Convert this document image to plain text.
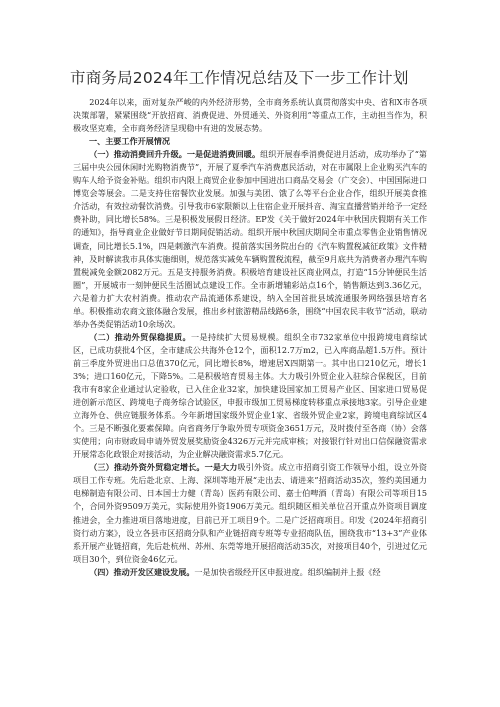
市商务局2024年工作情况总结及下一步工作计划

2024年以来，面对复杂严峻的内外经济形势，全市商务系统认真贯彻落实中央、省和X市各项决策部署，紧紧围绕“开放招商、消费促进、外贸通关、外资利用”等重点工作，主动担当作为，积极攻坚克难，全市商务经济呈现稳中有进的发展态势。

一、主要工作开展情况

（一）推动消费回升升级。一是促进消费回暖。组织开展春季消费促进月活动，成功举办了“第三届中央公园休闲时光购物消费节”，开展了夏季汽车消费惠民活动，对在市属限上企业购买汽车的购车人给予资金补贴。组织市内限上商贸企业参加中国进出口商品交易会（广交会）、中国国际进口博览会等展会。二是支持住宿餐饮业发展。加强与美团、饿了么等平台企业合作，组织开展美食推介活动，有效拉动餐饮消费。引导我市6家限额以上住宿企业开展抖音、淘宝直播营销并给予一定经费补助，同比增长58%。三是积极发展假日经济。EP发《关于做好2024年中秋国庆假期有关工作的通知》，指导商业企业做好节日期间促销活动。组织开展中秋国庆期间全市重点零售企业销售情况调查，同比增长5.1%，四是刺激汽车消费。提前落实国务院出台的《汽车购置税减征政策》文件精神，及时解读我市具体实施细则，规范落实减免车辆购置税流程，截至9月底共为消费者办理汽车购置税减免金额2082万元。五是支持服务消费。积极培育建设社区商业网点，打造“15分钟便民生活圈”，开展城市一刻钟便民生活圈试点建设工作。全市新增辅彩站点16个，销售额达到3.36亿元，六是着力扩大农村消费。推动农产品流通体系建设，纳入全国首批县域流通服务网络强县培育名单。积极推动农商文旅体融合发展，推出乡村旅游精品线路6条，围绕“中国农民丰收节”活动，联动举办各类促销活动10余场次。

（二）推动外贸保稳提质。一是持续扩大贸易规模。组织全市732家单位中报跨境电商综试区，已成功获批4个区，全市建成公共海外仓12个，面积12.7万m2，已入库商品超1.5万件。预计前三季度外贸进出口总值370亿元，同比增长8%，增速居X四期第一。其中出口210亿元，增长13%；进口160亿元，下降5%。二是积极培育贸易主体。大力吸引外贸企业入驻综合保税区，目前我市有8家企业通过认定验收，已入住企业32家，加快建设国家加工贸易产业区、国家进口贸易促进创新示范区、跨境电子商务综合试验区，申报市级加工贸易梯度转移重点承接地3家。引导企业建立海外仓、供应链服务体系。今年新增国家级外贸企业1家、省级外贸企业2家，跨境电商综试区4个。三是不断强化要素保障。向省商务厅争取外贸专项资金3651万元，及时拨付至各商（协）会落实使用；向市财政局申请外贸发展奖励资金4326万元并完成审核；对接银行针对出口信保融资需求开展常态化政银企对接活动，为企业解决融资需求5.7亿元。

（三）推动外资外贸稳定增长。一是大力吸引外资。成立市招商引资工作领导小组，设立外资项目工作专班。先后赴北京、上海、深圳等地开展“走出去、请进来”招商活动35次，签约美国通力电梯制造有限公司、日本国士力健（青岛）医药有限公司、嘉士伯啤酒（青岛）有限公司等项目15个，合同外资9509万美元，实际使用外资1906万美元。组织随区相关单位召开重点外资项目调度推进会，全力推进项目落地进度，目前已开工项目9个。二是广泛招商项目。印发《2024年招商引资行动方案》，设立各县市区招商分队和产业链招商专班等专业招商队伍，围绕我市“13+3”产业体系开展产业链招商，先后赴杭州、苏州、东莞等地开展招商活动35次，对接项目40个，引进过亿元项目30个，到位资金46亿元。

（四）推动开发区建设发展。一是加快省级经开区申报进度。组织编制并上报《经
